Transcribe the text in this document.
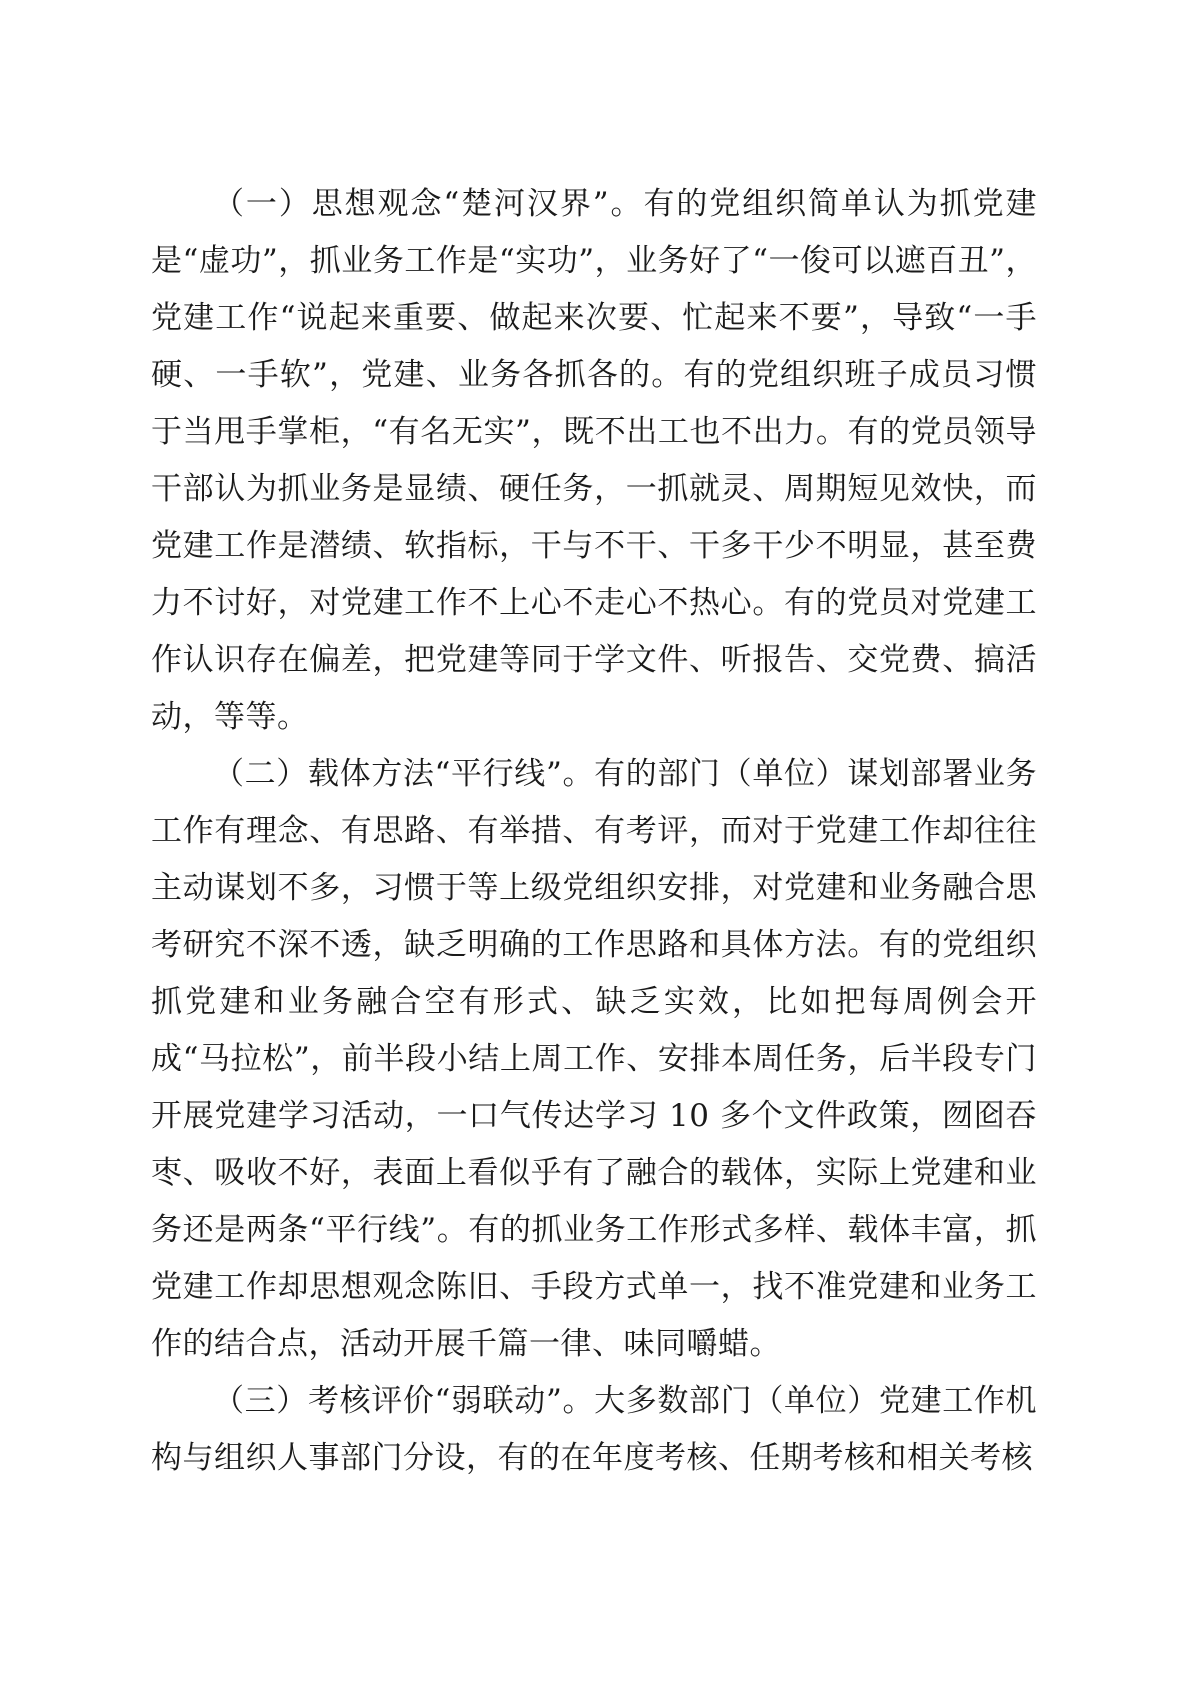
（一）思想观念“楚河汉界”。有的党组织简单认为抓党建是“虚功”，抓业务工作是“实功”，业务好了“一俊可以遮百丑”，党建工作“说起来重要、做起来次要、忙起来不要”，导致“一手硬、一手软”，党建、业务各抓各的。有的党组织班子成员习惯于当甩手掌柜，“有名无实”，既不出工也不出力。有的党员领导干部认为抓业务是显绩、硬任务，一抓就灵、周期短见效快，而党建工作是潜绩、软指标，干与不干、干多干少不明显，甚至费力不讨好，对党建工作不上心不走心不热心。有的党员对党建工作认识存在偏差，把党建等同于学文件、听报告、交党费、搞活动，等等。

（二）载体方法“平行线”。有的部门（单位）谋划部署业务工作有理念、有思路、有举措、有考评，而对于党建工作却往往主动谋划不多，习惯于等上级党组织安排，对党建和业务融合思考研究不深不透，缺乏明确的工作思路和具体方法。有的党组织抓党建和业务融合空有形式、缺乏实效，比如把每周例会开成“马拉松”，前半段小结上周工作、安排本周任务，后半段专门开展党建学习活动，一口气传达学习 10 多个文件政策，囫囵吞枣、吸收不好，表面上看似乎有了融合的载体，实际上党建和业务还是两条“平行线”。有的抓业务工作形式多样、载体丰富，抓党建工作却思想观念陈旧、手段方式单一，找不准党建和业务工作的结合点，活动开展千篇一律、味同嚼蜡。

（三）考核评价“弱联动”。大多数部门（单位）党建工作机构与组织人事部门分设，有的在年度考核、任期考核和相关考核
